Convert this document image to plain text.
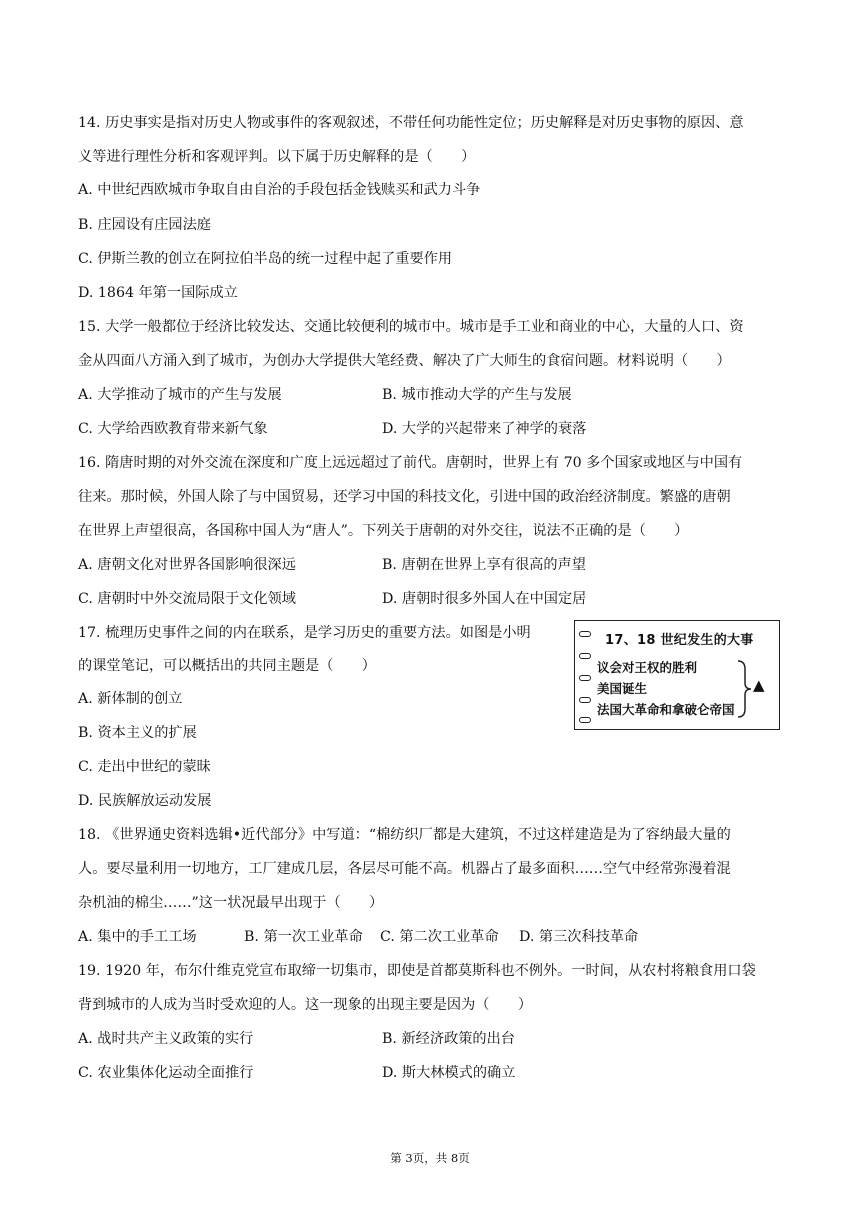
14. 历史事实是指对历史人物或事件的客观叙述，不带任何功能性定位；历史解释是对历史事物的原因、意
义等进行理性分析和客观评判。以下属于历史解释的是（　　）
A. 中世纪西欧城市争取自由自治的手段包括金钱赎买和武力斗争
B. 庄园设有庄园法庭
C. 伊斯兰教的创立在阿拉伯半岛的统一过程中起了重要作用
D. 1864 年第一国际成立
15. 大学一般都位于经济比较发达、交通比较便利的城市中。城市是手工业和商业的中心，大量的人口、资
金从四面八方涌入到了城市，为创办大学提供大笔经费、解决了广大师生的食宿问题。材料说明（　　）
A. 大学推动了城市的产生与发展	B. 城市推动大学的产生与发展
C. 大学给西欧教育带来新气象	D. 大学的兴起带来了神学的衰落
16. 隋唐时期的对外交流在深度和广度上远远超过了前代。唐朝时，世界上有 70 多个国家或地区与中国有
往来。那时候，外国人除了与中国贸易，还学习中国的科技文化，引进中国的政治经济制度。繁盛的唐朝
在世界上声望很高，各国称中国人为“唐人”。下列关于唐朝的对外交往，说法不正确的是（　　）
A. 唐朝文化对世界各国影响很深远	B. 唐朝在世界上享有很高的声望
C. 唐朝时中外交流局限于文化领域	D. 唐朝时很多外国人在中国定居
17. 梳理历史事件之间的内在联系，是学习历史的重要方法。如图是小明
的课堂笔记，可以概括出的共同主题是（　　）
A. 新体制的创立
B. 资本主义的扩展
C. 走出中世纪的蒙昧
D. 民族解放运动发展
17、18 世纪发生的大事
议会对王权的胜利
美国诞生
法国大革命和拿破仑帝国
▲
18. 《世界通史资料选辑•近代部分》中写道：“棉纺织厂都是大建筑，不过这样建造是为了容纳最大量的
人。要尽量利用一切地方，工厂建成几层，各层尽可能不高。机器占了最多面积……空气中经常弥漫着混
杂机油的棉尘……”这一状况最早出现于（　　）
A. 集中的手工工场	B. 第一次工业革命 C. 第二次工业革命 D. 第三次科技革命
19. 1920 年，布尔什维克党宣布取缔一切集市，即使是首都莫斯科也不例外。一时间，从农村将粮食用口袋
背到城市的人成为当时受欢迎的人。这一现象的出现主要是因为（　　）
A. 战时共产主义政策的实行	B. 新经济政策的出台
C. 农业集体化运动全面推行	D. 斯大林模式的确立
第 3页，共 8页
